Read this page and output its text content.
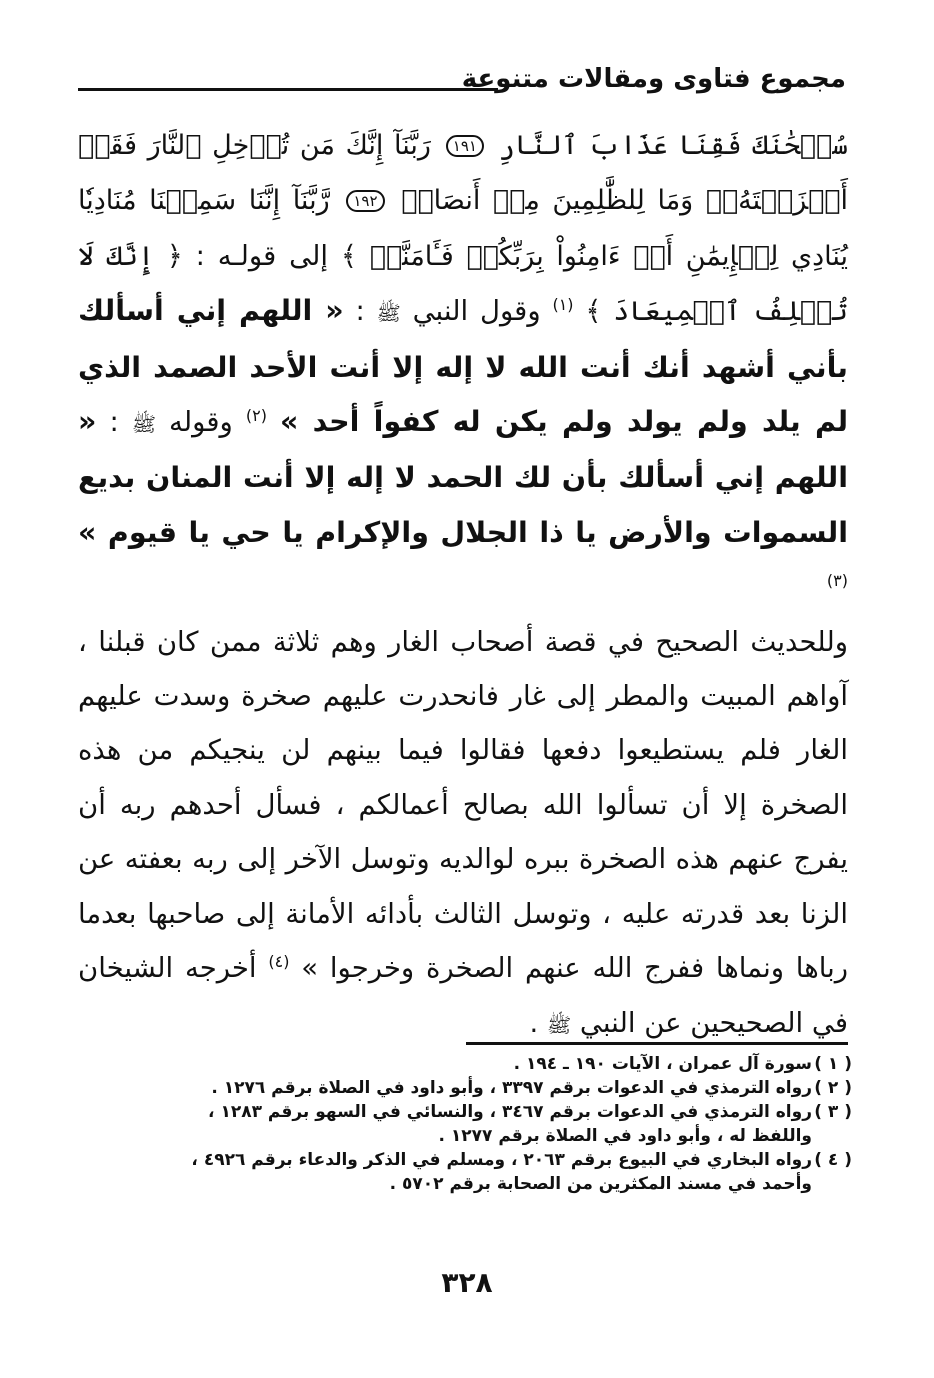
مجموع فتاوى ومقالات متنوعة

سُبۡحَٰنَكَ فَقِنَا عَذَابَ ٱلنَّارِ ١٩١ رَبَّنَآ إِنَّكَ مَن تُدۡخِلِ ٱلنَّارَ فَقَدۡ أَخۡزَيۡتَهُۥۖ وَمَا لِلظَّٰلِمِينَ مِنۡ أَنصَارٖ ١٩٢ رَّبَّنَآ إِنَّنَا سَمِعۡنَا مُنَادِيٗا يُنَادِي لِلۡإِيمَٰنِ أَنۡ ءَامِنُواْ بِرَبِّكُمۡ فَـَٔامَنَّاۚ ﴾ إلى قولـه : ﴿ إِنَّكَ لَا تُخۡلِفُ ٱلۡمِيعَادَ ﴾ $^{(١)}$ وقول النبي ﷺ : « اللهم إني أسألك بأني أشهد أنك أنت الله لا إله إلا أنت الأحد الصمد الذي لم يلد ولم يولد ولم يكن له كفواً أحد » $^{(٢)}$ وقوله ﷺ : « اللهم إني أسألك بأن لك الحمد لا إله إلا أنت المنان بديع السموات والأرض يا ذا الجلال والإكرام يا حي يا قيوم » $^{(٣)}$

وللحديث الصحيح في قصة أصحاب الغار وهم ثلاثة ممن كان قبلنا ، آواهم المبيت والمطر إلى غار فانحدرت عليهم صخرة وسدت عليهم الغار فلم يستطيعوا دفعها فقالوا فيما بينهم لن ينجيكم من هذه الصخرة إلا أن تسألوا الله بصالح أعمالكم ، فسأل أحدهم ربه أن يفرج عنهم هذه الصخرة ببره لوالديه وتوسل الآخر إلى ربه بعفته عن الزنا بعد قدرته عليه ، وتوسل الثالث بأدائه الأمانة إلى صاحبها بعدما رباها ونماها ففرج الله عنهم الصخرة وخرجوا » $^{(٤)}$ أخرجه الشيخان في الصحيحين عن النبي ﷺ .

( ١ )
سورة آل عمران ، الآيات ١٩٠ ـ ١٩٤ .
( ٢ )
رواه الترمذي في الدعوات برقم ٣٣٩٧ ، وأبو داود في الصلاة برقم ١٢٧٦ .
( ٣ )
رواه الترمذي في الدعوات برقم ٣٤٦٧ ، والنسائي في السهو برقم ١٢٨٣ ،
واللفظ له ، وأبو داود في الصلاة برقم ١٢٧٧ .
( ٤ )
رواه البخاري في البيوع برقم ٢٠٦٣ ، ومسلم في الذكر والدعاء برقم ٤٩٢٦ ،
وأحمد في مسند المكثرين من الصحابة برقم ٥٧٠٢ .
٣٢٨
